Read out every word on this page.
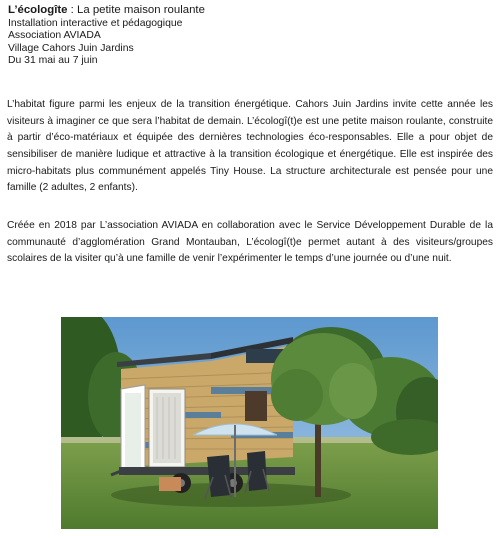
L’écologîte : La petite maison roulante
Installation interactive et pédagogique
Association AVIADA
Village Cahors Juin Jardins
Du 31 mai au 7 juin

L’habitat figure parmi les enjeux de la transition énergétique. Cahors Juin Jardins invite cette année les visiteurs à imaginer ce que sera l’habitat de demain. L’écologî(t)e est une petite maison roulante, construite à partir d’éco-matériaux et équipée des dernières technologies éco-responsables. Elle a pour objet de sensibiliser de manière ludique et attractive à la transition écologique et énergétique. Elle est inspirée des micro-habitats plus communément appelés Tiny House. La structure architecturale est pensée pour une famille (2 adultes, 2 enfants).

Créée en 2018 par L’association AVIADA en collaboration avec le Service Développement Durable de la communauté d’agglomération Grand Montauban, L’écologî(t)e permet autant à des visiteurs/groupes scolaires de la visiter qu’à une famille de venir l’expérimenter le temps d’une journée ou d’une nuit.
